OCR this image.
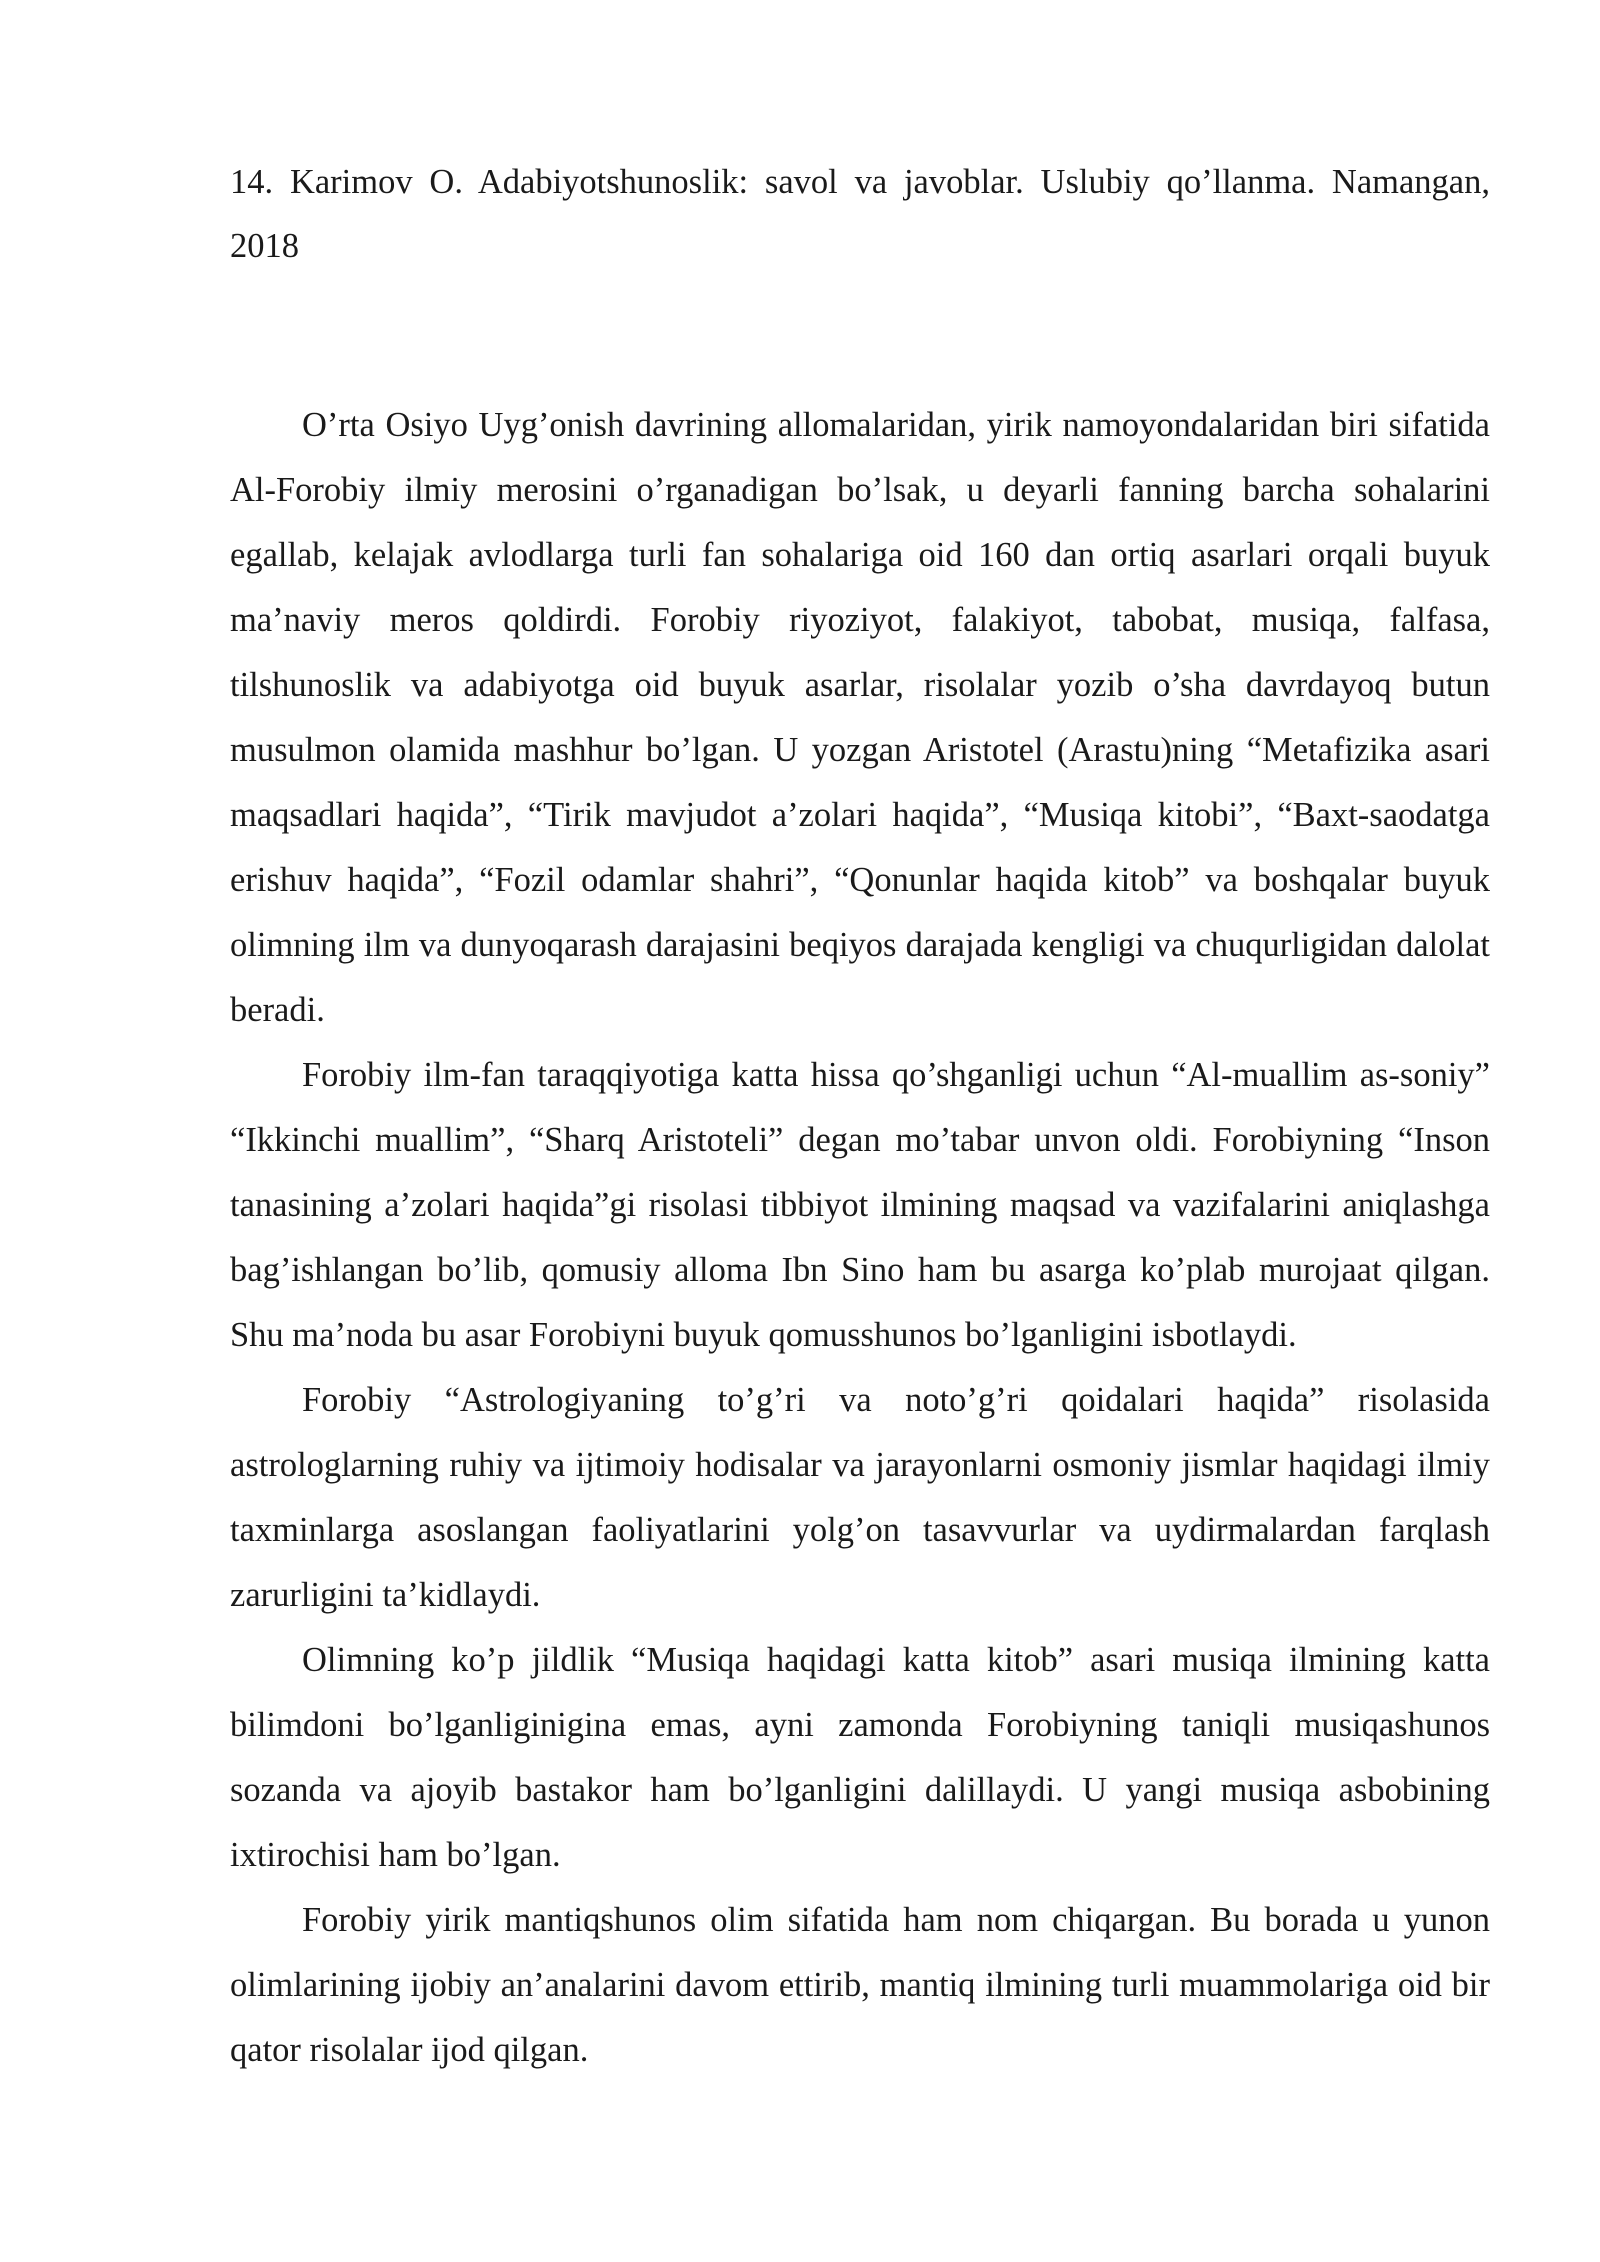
14. Karimov O. Adabiyotshunoslik: savol va javoblar. Uslubiy qo’llanma. Namangan, 2018

O’rta Osiyo Uyg’onish davrining allomalaridan, yirik namoyondalaridan biri sifatida Al-Forobiy ilmiy merosini o’rganadigan bo’lsak, u deyarli fanning barcha sohalarini egallab, kelajak avlodlarga turli fan sohalariga oid 160 dan ortiq asarlari orqali buyuk ma’naviy meros qoldirdi. Forobiy riyoziyot, falakiyot, tabobat, musiqa, falfasa, tilshunoslik va adabiyotga oid buyuk asarlar, risolalar yozib o’sha davrdayoq butun musulmon olamida mashhur bo’lgan. U yozgan Aristotel (Arastu)ning “Metafizika asari maqsadlari haqida”, “Tirik mavjudot a’zolari haqida”, “Musiqa kitobi”, “Baxt-saodatga erishuv haqida”, “Fozil odamlar shahri”, “Qonunlar haqida kitob” va boshqalar buyuk olimning ilm va dunyoqarash darajasini beqiyos darajada kengligi va chuqurligidan dalolat beradi.

Forobiy ilm-fan taraqqiyotiga katta hissa qo’shganligi uchun “Al-muallim as-soniy” “Ikkinchi muallim”, “Sharq Aristoteli” degan mo’tabar unvon oldi. Forobiyning “Inson tanasining a’zolari haqida”gi risolasi tibbiyot ilmining maqsad va vazifalarini aniqlashga bag’ishlangan bo’lib, qomusiy alloma Ibn Sino ham bu asarga ko’plab murojaat qilgan. Shu ma’noda bu asar Forobiyni buyuk qomusshunos bo’lganligini isbotlaydi.

Forobiy “Astrologiyaning to’g’ri va noto’g’ri qoidalari haqida” risolasida astrologlarning ruhiy va ijtimoiy hodisalar va jarayonlarni osmoniy jismlar haqidagi ilmiy taxminlarga asoslangan faoliyatlarini yolg’on tasavvurlar va uydirmalardan farqlash zarurligini ta’kidlaydi.

Olimning ko’p jildlik “Musiqa haqidagi katta kitob” asari musiqa ilmining katta bilimdoni bo’lganliginigina emas, ayni zamonda Forobiyning taniqli musiqashunos sozanda va ajoyib bastakor ham bo’lganligini dalillaydi. U yangi musiqa asbobining ixtirochisi ham bo’lgan.

Forobiy yirik mantiqshunos olim sifatida ham nom chiqargan. Bu borada u yunon olimlarining ijobiy an’analarini davom ettirib, mantiq ilmining turli muammolariga oid bir qator risolalar ijod qilgan.
